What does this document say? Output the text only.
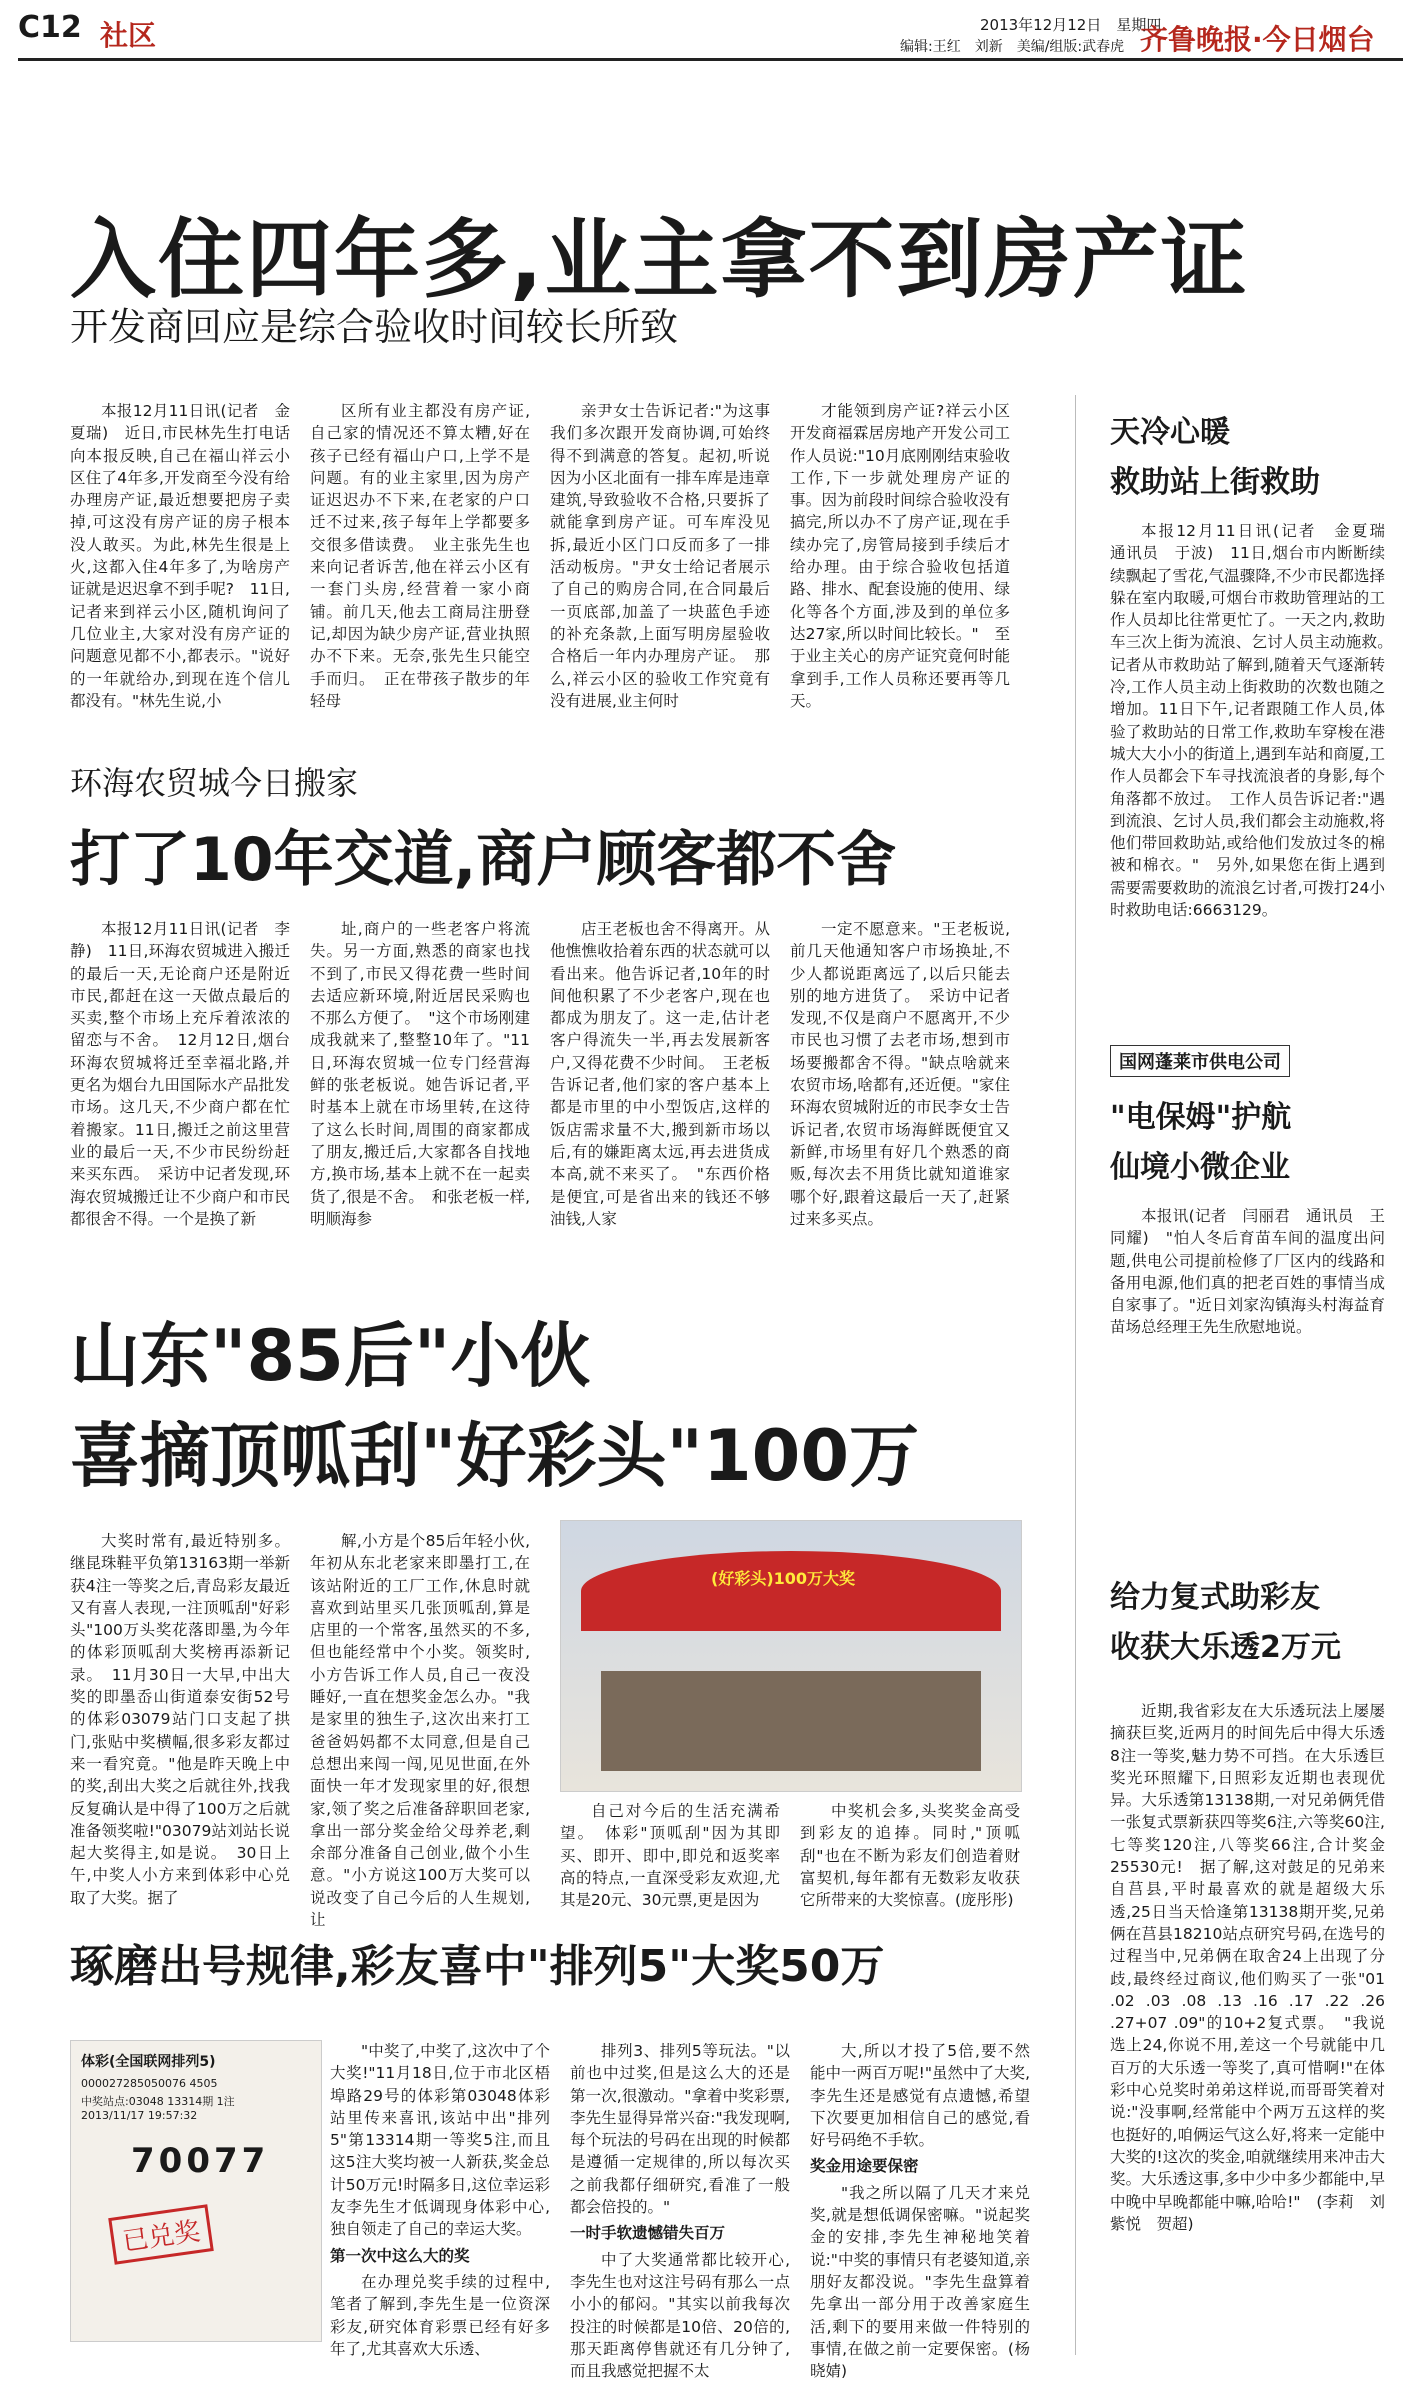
C12 社区	2013年12月12日　星期四
编辑:王红　刘新　美编/组版:武春虎 齐鲁晚报·今日烟台
入住四年多,业主拿不到房产证
开发商回应是综合验收时间较长所致

本报12月11日讯(记者　金夏瑞)　近日,市民林先生打电话向本报反映,自己在福山祥云小区住了4年多,开发商至今没有给办理房产证,最近想要把房子卖掉,可这没有房产证的房子根本没人敢买。为此,林先生很是上火,这都入住4年多了,为啥房产证就是迟迟拿不到手呢?　11日,记者来到祥云小区,随机询问了几位业主,大家对没有房产证的问题意见都不小,都表示。"说好的一年就给办,到现在连个信儿都没有。"林先生说,小

区所有业主都没有房产证,自己家的情况还不算太糟,好在孩子已经有福山户口,上学不是问题。有的业主家里,因为房产证迟迟办不下来,在老家的户口迁不过来,孩子每年上学都要多交很多借读费。　业主张先生也来向记者诉苦,他在祥云小区有一套门头房,经营着一家小商铺。前几天,他去工商局注册登记,却因为缺少房产证,营业执照办不下来。无奈,张先生只能空手而归。　正在带孩子散步的年轻母

亲尹女士告诉记者:"为这事我们多次跟开发商协调,可始终得不到满意的答复。起初,听说因为小区北面有一排车库是违章建筑,导致验收不合格,只要拆了就能拿到房产证。可车库没见拆,最近小区门口反而多了一排活动板房。"尹女士给记者展示了自己的购房合同,在合同最后一页底部,加盖了一块蓝色手迹的补充条款,上面写明房屋验收合格后一年内办理房产证。　那么,祥云小区的验收工作究竟有没有进展,业主何时

才能领到房产证?祥云小区开发商福霖居房地产开发公司工作人员说:"10月底刚刚结束验收工作,下一步就处理房产证的事。因为前段时间综合验收没有搞完,所以办不了房产证,现在手续办完了,房管局接到手续后才给办理。由于综合验收包括道路、排水、配套设施的使用、绿化等各个方面,涉及到的单位多达27家,所以时间比较长。"　至于业主关心的房产证究竟何时能拿到手,工作人员称还要再等几天。

环海农贸城今日搬家
打了10年交道,商户顾客都不舍

本报12月11日讯(记者　李静)　11日,环海农贸城进入搬迁的最后一天,无论商户还是附近市民,都赶在这一天做点最后的买卖,整个市场上充斥着浓浓的留恋与不舍。　12月12日,烟台环海农贸城将迁至幸福北路,并更名为烟台九田国际水产品批发市场。这几天,不少商户都在忙着搬家。11日,搬迁之前这里营业的最后一天,不少市民纷纷赶来买东西。　采访中记者发现,环海农贸城搬迁让不少商户和市民都很舍不得。一个是换了新

址,商户的一些老客户将流失。另一方面,熟悉的商家也找不到了,市民又得花费一些时间去适应新环境,附近居民采购也不那么方便了。　"这个市场刚建成我就来了,整整10年了。"11日,环海农贸城一位专门经营海鲜的张老板说。她告诉记者,平时基本上就在市场里转,在这待了这么长时间,周围的商家都成了朋友,搬迁后,大家都各自找地方,换市场,基本上就不在一起卖货了,很是不舍。　和张老板一样,明顺海参

店王老板也舍不得离开。从他憔憔收拾着东西的状态就可以看出来。他告诉记者,10年的时间他积累了不少老客户,现在也都成为朋友了。这一走,估计老客户得流失一半,再去发展新客户,又得花费不少时间。　王老板告诉记者,他们家的客户基本上都是市里的中小型饭店,这样的饭店需求量不大,搬到新市场以后,有的嫌距离太远,再去进货成本高,就不来买了。　"东西价格是便宜,可是省出来的钱还不够油钱,人家

一定不愿意来。"王老板说,前几天他通知客户市场换址,不少人都说距离远了,以后只能去别的地方进货了。　采访中记者发现,不仅是商户不愿离开,不少市民也习惯了去老市场,想到市场要搬都舍不得。"缺点啥就来农贸市场,啥都有,还近便。"家住环海农贸城附近的市民李女士告诉记者,农贸市场海鲜既便宜又新鲜,市场里有好几个熟悉的商贩,每次去不用货比就知道谁家哪个好,跟着这最后一天了,赶紧过来多买点。

山东"85后"小伙
喜摘顶呱刮"好彩头"100万

大奖时常有,最近特别多。继昆珠鞋平负第13163期一举新获4注一等奖之后,青岛彩友最近又有喜人表现,一注顶呱刮"好彩头"100万头奖花落即墨,为今年的体彩顶呱刮大奖榜再添新记录。　11月30日一大早,中出大奖的即墨岙山街道泰安街52号的体彩03079站门口支起了拱门,张贴中奖横幅,很多彩友都过来一看究竟。"他是昨天晚上中的奖,刮出大奖之后就往外,找我反复确认是中得了100万之后就准备领奖啦!"03079站刘站长说起大奖得主,如是说。　30日上午,中奖人小方来到体彩中心兑取了大奖。据了

解,小方是个85后年轻小伙,年初从东北老家来即墨打工,在该站附近的工厂工作,休息时就喜欢到站里买几张顶呱刮,算是店里的一个常客,虽然买的不多,但也能经常中个小奖。领奖时,小方告诉工作人员,自己一夜没睡好,一直在想奖金怎么办。"我是家里的独生子,这次出来打工爸爸妈妈都不太同意,但是自己总想出来闯一闯,见见世面,在外面快一年才发现家里的好,很想家,领了奖之后准备辞职回老家,拿出一部分奖金给父母养老,剩余部分准备自己创业,做个小生意。"小方说这100万大奖可以说改变了自己今后的人生规划,让

(好彩头)100万大奖

自己对今后的生活充满希望。　体彩"顶呱刮"因为其即买、即开、即中,即兑和返奖率高的特点,一直深受彩友欢迎,尤其是20元、30元票,更是因为

中奖机会多,头奖奖金高受到彩友的追捧。同时,"顶呱刮"也在不断为彩友们创造着财富契机,每年都有无数彩友收获它所带来的大奖惊喜。(庞彤彤)

琢磨出号规律,彩友喜中"排列5"大奖50万
体彩(全国联网排列5)
000027285050076 4505
中奖站点:03048 13314期 1注
2013/11/17 19:57:32
70077
已兑奖

"中奖了,中奖了,这次中了个大奖!"11月18日,位于市北区梧埠路29号的体彩第03048体彩站里传来喜讯,该站中出"排列5"第13314期一等奖5注,而且这5注大奖均被一人新获,奖金总计50万元!时隔多日,这位幸运彩友李先生才低调现身体彩中心,独自领走了自己的幸运大奖。

第一次中这么大的奖

在办理兑奖手续的过程中,笔者了解到,李先生是一位资深彩友,研究体育彩票已经有好多年了,尤其喜欢大乐透、

排列3、排列5等玩法。"以前也中过奖,但是这么大的还是第一次,很激动。"拿着中奖彩票,李先生显得异常兴奋:"我发现啊,每个玩法的号码在出现的时候都是遵循一定规律的,所以每次买之前我都仔细研究,看准了一般都会倍投的。"

一时手软遗憾错失百万

中了大奖通常都比较开心,李先生也对这注号码有那么一点小小的郁闷。"其实以前我每次投注的时候都是10倍、20倍的,那天距离停售就还有几分钟了,而且我感觉把握不太

大,所以才投了5倍,要不然能中一两百万呢!"虽然中了大奖,李先生还是感觉有点遗憾,希望下次要更加相信自己的感觉,看好号码绝不手软。

奖金用途要保密

"我之所以隔了几天才来兑奖,就是想低调保密嘛。"说起奖金的安排,李先生神秘地笑着说:"中奖的事情只有老婆知道,亲朋好友都没说。"李先生盘算着先拿出一部分用于改善家庭生活,剩下的要用来做一件特别的事情,在做之前一定要保密。(杨晓婧)

天冷心暖
救助站上街救助

本报12月11日讯(记者　金夏瑞　通讯员　于波)　11日,烟台市内断断续续飘起了雪花,气温骤降,不少市民都选择躲在室内取暖,可烟台市救助管理站的工作人员却比往常更忙了。一天之内,救助车三次上街为流浪、乞讨人员主动施救。　记者从市救助站了解到,随着天气逐渐转冷,工作人员主动上街救助的次数也随之增加。11日下午,记者跟随工作人员,体验了救助站的日常工作,救助车穿梭在港城大大小小的街道上,遇到车站和商厦,工作人员都会下车寻找流浪者的身影,每个角落都不放过。　工作人员告诉记者:"遇到流浪、乞讨人员,我们都会主动施救,将他们带回救助站,或给他们发放过冬的棉被和棉衣。"　另外,如果您在街上遇到需要需要救助的流浪乞讨者,可拨打24小时救助电话:6663129。

国网蓬莱市供电公司
"电保姆"护航
仙境小微企业

本报讯(记者　闫丽君　通讯员　王同耀)　"怕人冬后育苗车间的温度出问题,供电公司提前检修了厂区内的线路和备用电源,他们真的把老百姓的事情当成自家事了。"近日刘家沟镇海头村海益育苗场总经理王先生欣慰地说。

给力复式助彩友
收获大乐透2万元

近期,我省彩友在大乐透玩法上屡屡摘获巨奖,近两月的时间先后中得大乐透8注一等奖,魅力势不可挡。在大乐透巨奖光环照耀下,日照彩友近期也表现优异。大乐透第13138期,一对兄弟俩凭借一张复式票新获四等奖6注,六等奖60注,七等奖120注,八等奖66注,合计奖金25530元!　据了解,这对鼓足的兄弟来自莒县,平时最喜欢的就是超级大乐透,25日当天恰逢第13138期开奖,兄弟俩在莒县18210站点研究号码,在选号的过程当中,兄弟俩在取舍24上出现了分歧,最终经过商议,他们购买了一张"01 .02 .03 .08 .13 .16 .17 .22 .26 .27+07 .09"的10+2复式票。　"我说选上24,你说不用,差这一个号就能中几百万的大乐透一等奖了,真可惜啊!"在体彩中心兑奖时弟弟这样说,而哥哥笑着对说:"没事啊,经常能中个两万五这样的奖也挺好的,咱俩运气这么好,将来一定能中大奖的!这次的奖金,咱就继续用来冲击大奖。大乐透这事,多中少中多少都能中,早中晚中早晚都能中嘛,哈哈!"　(李莉　刘紫悦　贺超)
